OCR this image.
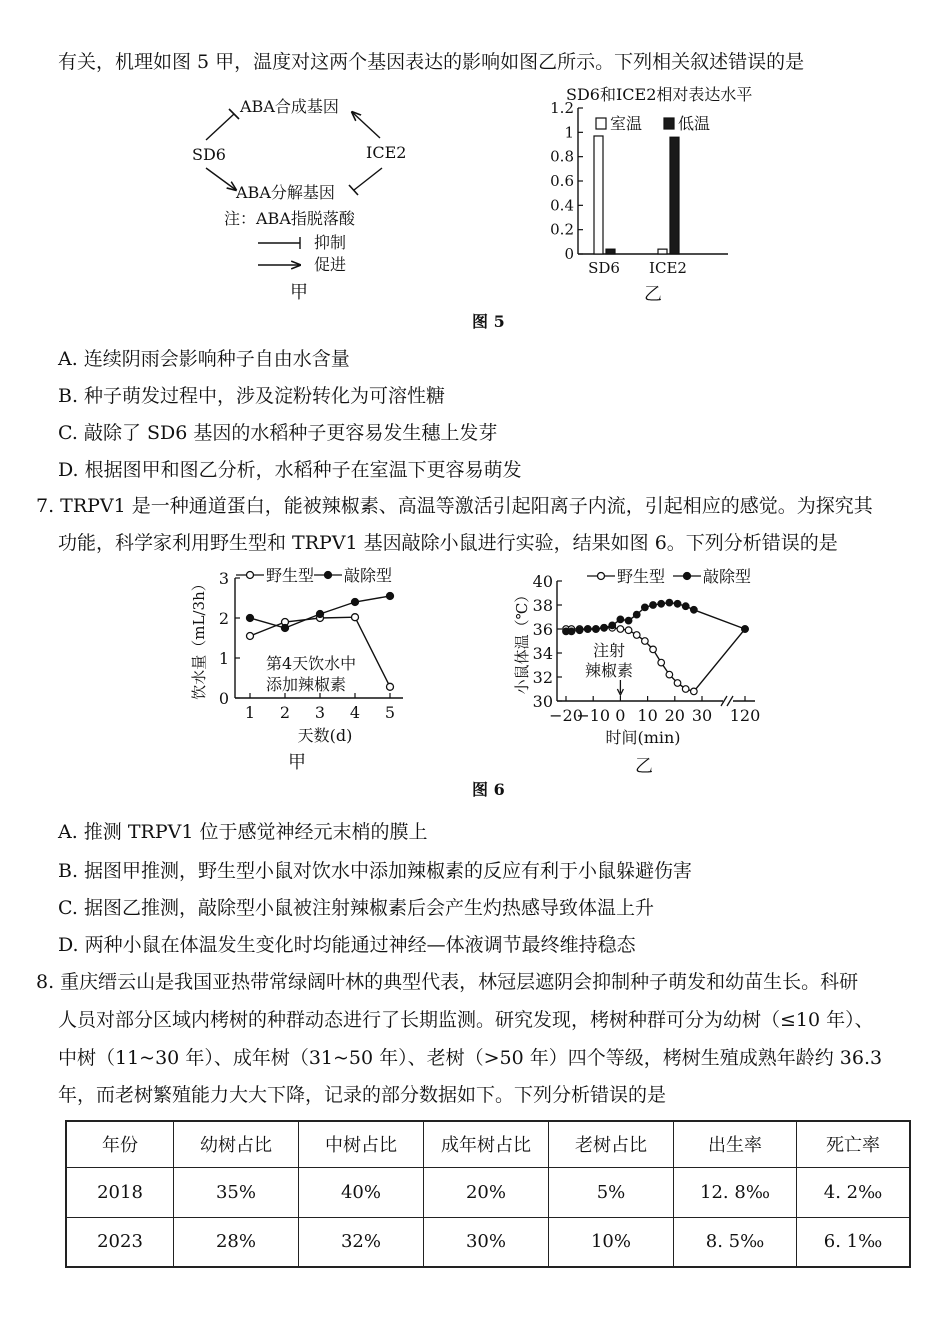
有关，机理如图 5 甲，温度对这两个基因表达的影响如图乙所示。下列相关叙述错误的是
ABA合成基因
SD6	ICE2
ABA分解基因
注：ABA指脱落酸
抑制
促进
甲
SD6和ICE2相对表达水平
0
0.2
0.4
0.6
0.8
1
1.2
室温 低温
SD6 ICE2
乙
图 5
A. 连续阴雨会影响种子自由水含量
B. 种子萌发过程中，涉及淀粉转化为可溶性糖
C. 敲除了 SD6 基因的水稻种子更容易发生穗上发芽
D. 根据图甲和图乙分析，水稻种子在室温下更容易萌发
7. TRPV1 是一种通道蛋白，能被辣椒素、高温等激活引起阳离子内流，引起相应的感觉。为探究其
功能，科学家利用野生型和 TRPV1 基因敲除小鼠进行实验，结果如图 6。下列分析错误的是
0
1
2
3
1 2 3 4 5
天数(d)
饮水量（mL/3h）
野生型 敲除型
第4天饮水中
添加辣椒素
甲
30
32
34
36
38
40
−20
−10 0 10 20 30 120
时间(min)
小鼠体温（℃）
野生型 敲除型
注射
辣椒素
乙
图 6
A. 推测 TRPV1 位于感觉神经元末梢的膜上
B. 据图甲推测，野生型小鼠对饮水中添加辣椒素的反应有利于小鼠躲避伤害
C. 据图乙推测，敲除型小鼠被注射辣椒素后会产生灼热感导致体温上升
D. 两种小鼠在体温发生变化时均能通过神经—体液调节最终维持稳态
8. 重庆缙云山是我国亚热带常绿阔叶林的典型代表，林冠层遮阴会抑制种子萌发和幼苗生长。科研
人员对部分区域内栲树的种群动态进行了长期监测。研究发现，栲树种群可分为幼树（≤10 年）、
中树（11~30 年）、成年树（31~50 年）、老树（>50 年）四个等级，栲树生殖成熟年龄约 36.3
年，而老树繁殖能力大大下降，记录的部分数据如下。下列分析错误的是
年份	幼树占比	中树占比	成年树占比	老树占比	出生率	死亡率
2018	35%	40%	20%	5%	12. 8‰	4. 2‰
2023	28%	32%	30%	10%	8. 5‰	6. 1‰
